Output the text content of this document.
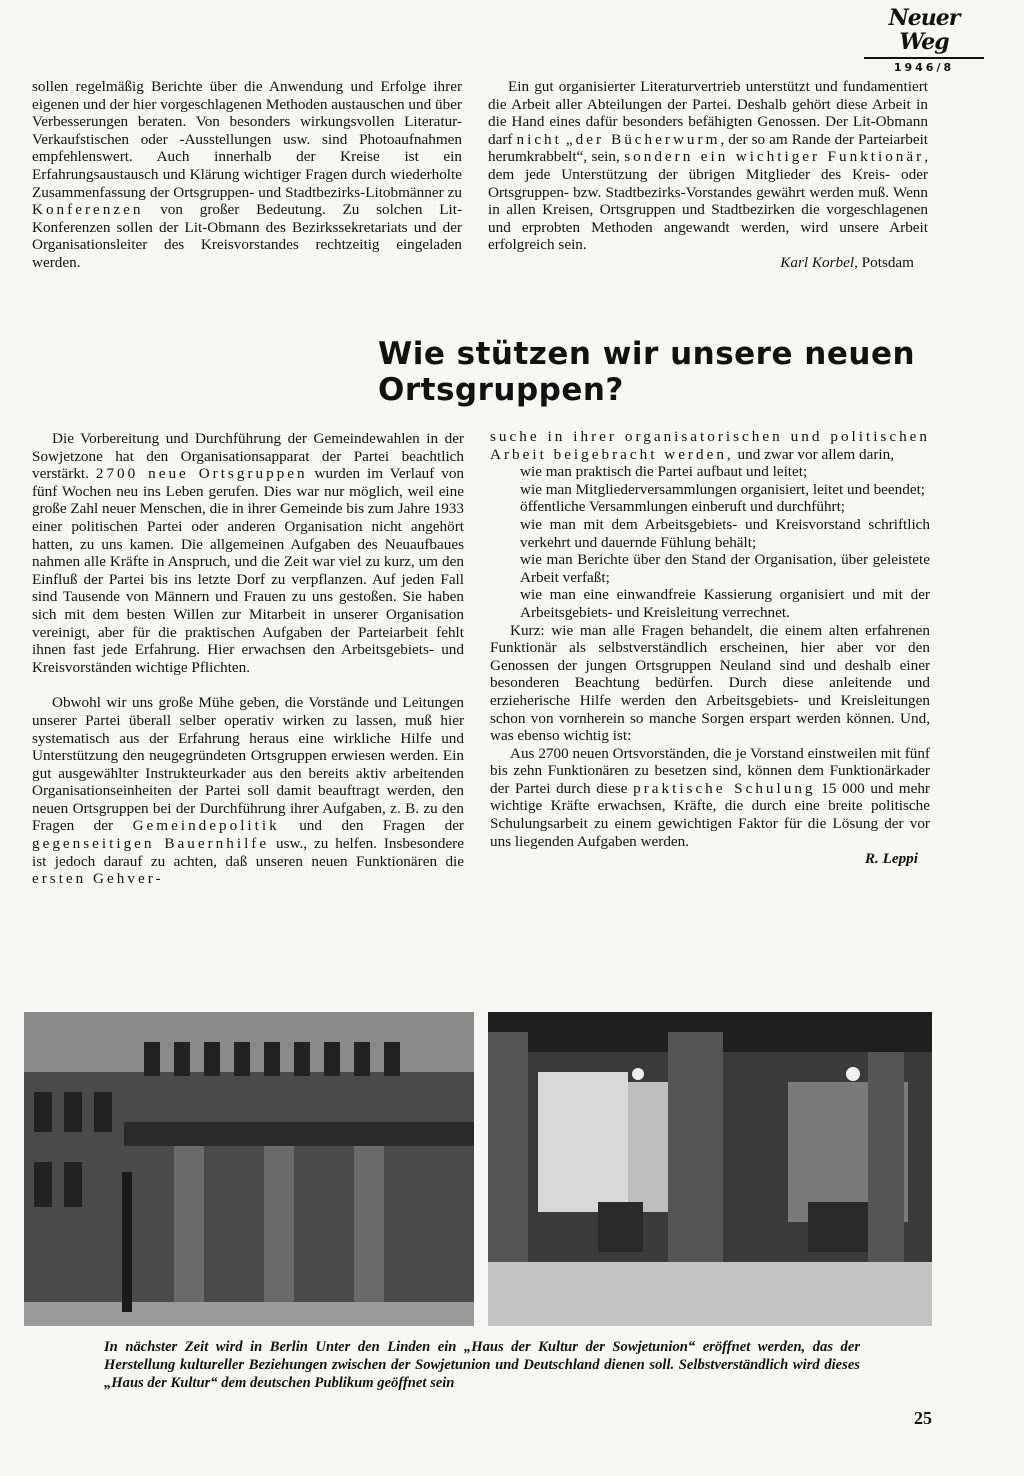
Neuer Weg
1946/8

sollen regelmäßig Berichte über die Anwendung und Erfolge ihrer eigenen und der hier vorgeschlagenen Methoden austauschen und über Verbesserungen beraten. Von besonders wirkungsvollen Literatur-Verkaufstischen oder -Ausstellungen usw. sind Photoaufnahmen empfehlenswert. Auch innerhalb der Kreise ist ein Erfahrungsaustausch und Klärung wichtiger Fragen durch wiederholte Zusammenfassung der Ortsgruppen- und Stadtbezirks-Litobmänner zu Konferenzen von großer Bedeutung. Zu solchen Lit-Konferenzen sollen der Lit-Obmann des Bezirkssekretariats und der Organisationsleiter des Kreisvorstandes rechtzeitig eingeladen werden.

Ein gut organisierter Literaturvertrieb unterstützt und fundamentiert die Arbeit aller Abteilungen der Partei. Deshalb gehört diese Arbeit in die Hand eines dafür besonders befähigten Genossen. Der Lit-Obmann darf nicht „der Bücherwurm, der so am Rande der Parteiarbeit herumkrabbelt“, sein, sondern ein wichtiger Funktionär, dem jede Unterstützung der übrigen Mitglieder des Kreis- oder Ortsgruppen- bzw. Stadtbezirks-Vorstandes gewährt werden muß. Wenn in allen Kreisen, Ortsgruppen und Stadtbezirken die vorgeschlagenen und erprobten Methoden angewandt werden, wird unsere Arbeit erfolgreich sein.

Karl Korbel, Potsdam

Wie stützen wir unsere neuen
Ortsgruppen?

Die Vorbereitung und Durchführung der Gemeindewahlen in der Sowjetzone hat den Organisationsapparat der Partei beachtlich verstärkt. 2700 neue Ortsgruppen wurden im Verlauf von fünf Wochen neu ins Leben gerufen. Dies war nur möglich, weil eine große Zahl neuer Menschen, die in ihrer Gemeinde bis zum Jahre 1933 einer politischen Partei oder anderen Organisation nicht angehört hatten, zu uns kamen. Die allgemeinen Aufgaben des Neuaufbaues nahmen alle Kräfte in Anspruch, und die Zeit war viel zu kurz, um den Einfluß der Partei bis ins letzte Dorf zu verpflanzen. Auf jeden Fall sind Tausende von Männern und Frauen zu uns gestoßen. Sie haben sich mit dem besten Willen zur Mitarbeit in unserer Organisation vereinigt, aber für die praktischen Aufgaben der Parteiarbeit fehlt ihnen fast jede Erfahrung. Hier erwachsen den Arbeitsgebiets- und Kreisvorständen wichtige Pflichten.

Obwohl wir uns große Mühe geben, die Vorstände und Leitungen unserer Partei überall selber operativ wirken zu lassen, muß hier systematisch aus der Erfahrung heraus eine wirkliche Hilfe und Unterstützung den neugegründeten Ortsgruppen erwiesen werden. Ein gut ausgewählter Instrukteurkader aus den bereits aktiv arbeitenden Organisationseinheiten der Partei soll damit beauftragt werden, den neuen Ortsgruppen bei der Durchführung ihrer Aufgaben, z. B. zu den Fragen der Gemeindepolitik und den Fragen der gegenseitigen Bauernhilfe usw., zu helfen. Insbesondere ist jedoch darauf zu achten, daß unseren neuen Funktionären die ersten Gehver-

suche in ihrer organisatorischen und politischen Arbeit beigebracht werden, und zwar vor allem darin,

wie man praktisch die Partei aufbaut und leitet;

wie man Mitgliederversammlungen organisiert, leitet und beendet;

öffentliche Versammlungen einberuft und durchführt;

wie man mit dem Arbeitsgebiets- und Kreisvorstand schriftlich verkehrt und dauernde Fühlung behält;

wie man Berichte über den Stand der Organisation, über geleistete Arbeit verfaßt;

wie man eine einwandfreie Kassierung organisiert und mit der Arbeitsgebiets- und Kreisleitung verrechnet.

Kurz: wie man alle Fragen behandelt, die einem alten erfahrenen Funktionär als selbstverständlich erscheinen, hier aber vor den Genossen der jungen Ortsgruppen Neuland sind und deshalb einer besonderen Beachtung bedürfen. Durch diese anleitende und erzieherische Hilfe werden den Arbeitsgebiets- und Kreisleitungen schon von vornherein so manche Sorgen erspart werden können. Und, was ebenso wichtig ist:

Aus 2700 neuen Ortsvorständen, die je Vorstand einstweilen mit fünf bis zehn Funktionären zu besetzen sind, können dem Funktionärkader der Partei durch diese praktische Schulung 15 000 und mehr wichtige Kräfte erwachsen, Kräfte, die durch eine breite politische Schulungsarbeit zu einem gewichtigen Faktor für die Lösung der vor uns liegenden Aufgaben werden.

R. Leppi

In nächster Zeit wird in Berlin Unter den Linden ein „Haus der Kultur der Sowjetunion“ eröffnet werden, das der Herstellung kultureller Beziehungen zwischen der Sowjetunion und Deutschland dienen soll. Selbstverständlich wird dieses „Haus der Kultur“ dem deutschen Publikum geöffnet sein
25
